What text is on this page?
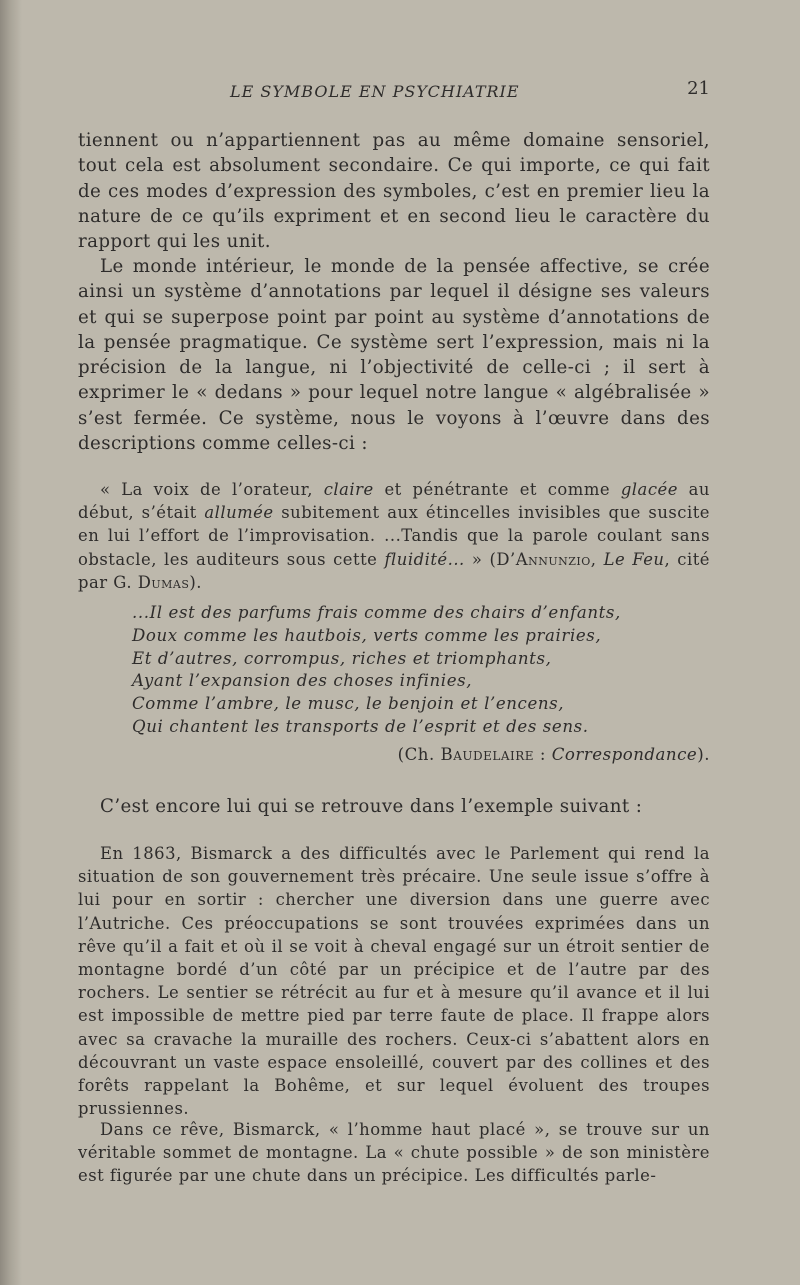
LE SYMBOLE EN PSYCHIATRIE	21

tiennent ou n’appartiennent pas au même domaine sensoriel, tout cela est absolument secondaire. Ce qui importe, ce qui fait de ces modes d’expression des symboles, c’est en premier lieu la nature de ce qu’ils expriment et en second lieu le caractère du rapport qui les unit.

Le monde intérieur, le monde de la pensée affective, se crée ainsi un système d’annotations par lequel il désigne ses valeurs et qui se superpose point par point au système d’annotations de la pensée pragmatique. Ce système sert l’expression, mais ni la précision de la langue, ni l’objectivité de celle-ci ; il sert à exprimer le « dedans » pour lequel notre langue « algébralisée » s’est fermée. Ce système, nous le voyons à l’œuvre dans des descriptions comme celles-ci :

« La voix de l’orateur, claire et pénétrante et comme glacée au début, s’était allumée subitement aux étincelles invisibles que suscite en lui l’effort de l’improvisation. ...Tandis que la parole coulant sans obstacle, les auditeurs sous cette fluidité... » (D’Annunzio, Le Feu, cité par G. Dumas).

...Il est des parfums frais comme des chairs d’enfants,
Doux comme les hautbois, verts comme les prairies,
Et d’autres, corrompus, riches et triomphants,
Ayant l’expansion des choses infinies,
Comme l’ambre, le musc, le benjoin et l’encens,
Qui chantent les transports de l’esprit et des sens.
(Ch. Baudelaire : Correspondance).

C’est encore lui qui se retrouve dans l’exemple suivant :

En 1863, Bismarck a des difficultés avec le Parlement qui rend la situation de son gouvernement très précaire. Une seule issue s’offre à lui pour en sortir : chercher une diversion dans une guerre avec l’Autriche. Ces préoccupations se sont trouvées exprimées dans un rêve qu’il a fait et où il se voit à cheval engagé sur un étroit sentier de montagne bordé d’un côté par un précipice et de l’autre par des rochers. Le sentier se rétrécit au fur et à mesure qu’il avance et il lui est impossible de mettre pied par terre faute de place. Il frappe alors avec sa cravache la muraille des rochers. Ceux-ci s’abattent alors en découvrant un vaste espace ensoleillé, couvert par des collines et des forêts rappelant la Bohême, et sur lequel évoluent des troupes prussiennes.

Dans ce rêve, Bismarck, « l’homme haut placé », se trouve sur un véritable sommet de montagne. La « chute possible » de son ministère est figurée par une chute dans un précipice. Les difficultés parle-
